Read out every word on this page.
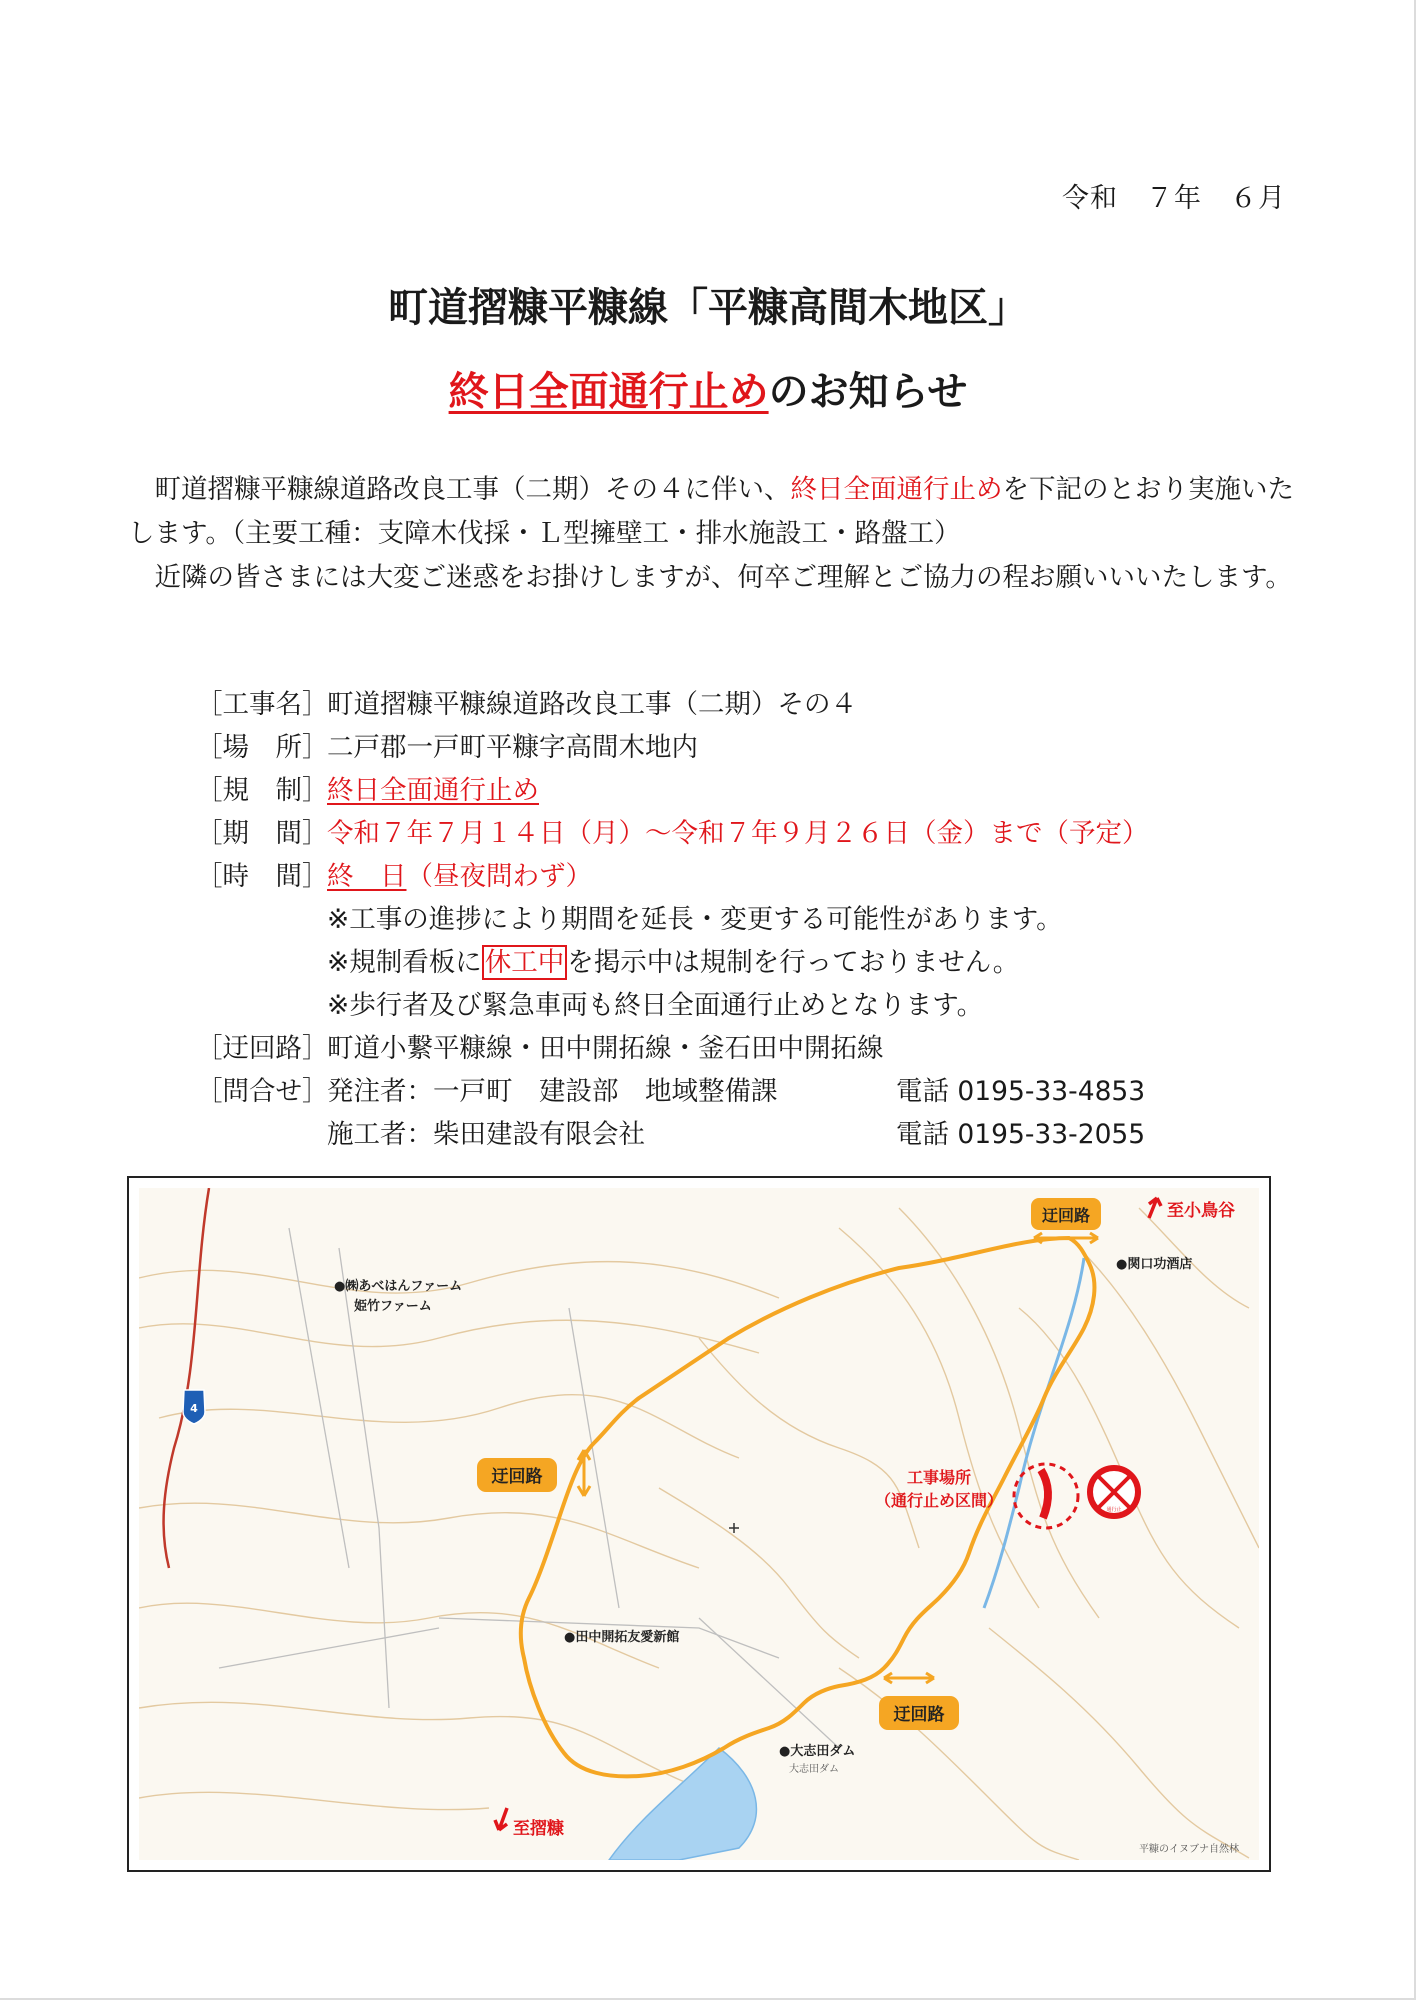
令和　７年　６月
町道摺糠平糠線「平糠高間木地区」
終日全面通行止めのお知らせ

町道摺糠平糠線道路改良工事（二期）その４に伴い、終日全面通行止めを下記のとおり実施いたします。（主要工種：支障木伐採・Ｌ型擁壁工・排水施設工・路盤工）

近隣の皆さまには大変ご迷惑をお掛けしますが、何卒ご理解とご協力の程お願いいいたします。

［工事名］
町道摺糠平糠線道路改良工事（二期）その４
［場　所］
二戸郡一戸町平糠字高間木地内
［規　制］
終日全面通行止め
［期　間］
令和７年７月１４日（月）～令和７年９月２６日（金）まで（予定）
［時　間］
終　日（昼夜問わず）
※工事の進捗により期間を延長・変更する可能性があります。
※規制看板に 休工中 を掲示中は規制を行っておりません。
※歩行者及び緊急車両も終日全面通行止めとなります。
［迂回路］
町道小繋平糠線・田中開拓線・釜石田中開拓線
［問合せ］
発注者：一戸町　建設部　地域整備課	電話 0195-33-4853
施工者：柴田建設有限会社	電話 0195-33-2055
迂回路
迂回路
迂回路
至小鳥谷
至摺糠
●関口功酒店
●㈱あべはんファーム
姫竹ファーム
●田中開拓友愛新館
●大志田ダム
大志田ダム
平糠のイヌブナ自然林
4
工事場所
（通行止め区間）	通行止
